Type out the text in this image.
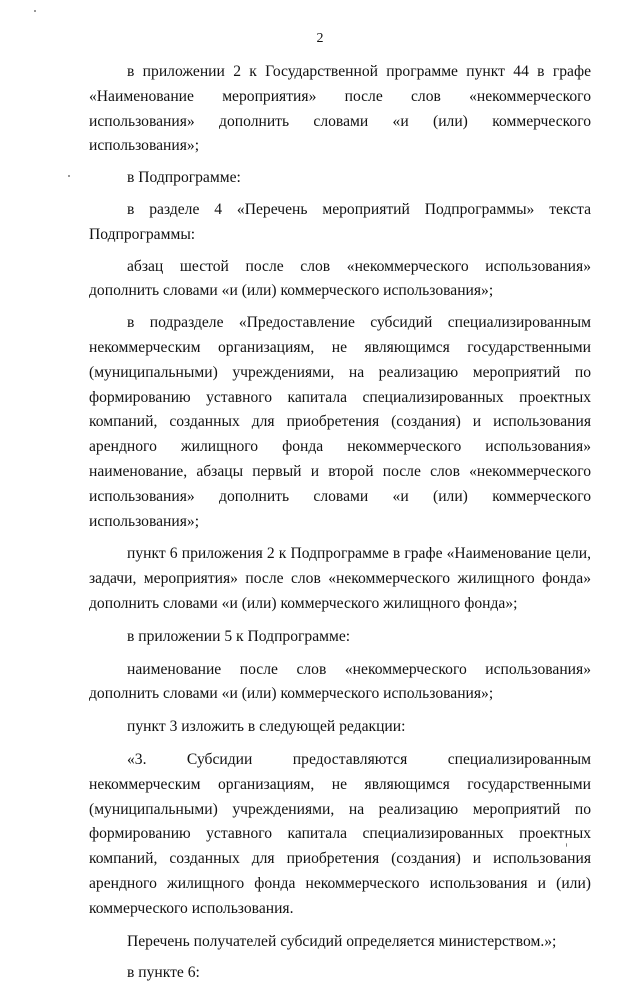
2

в приложении 2 к Государственной программе пункт 44 в графе «Наименование мероприятия» после слов «некоммерческого использования» дополнить словами «и (или) коммерческого использования»;

в Подпрограмме:

в разделе 4 «Перечень мероприятий Подпрограммы» текста Подпрограммы:

абзац шестой после слов «некоммерческого использования» дополнить словами «и (или) коммерческого использования»;

в подразделе «Предоставление субсидий специализированным некоммерческим организациям, не являющимся государственными (муниципальными) учреждениями, на реализацию мероприятий по формированию уставного капитала специализированных проектных компаний, созданных для приобретения (создания) и использования арендного жилищного фонда некоммерческого использования» наименование, абзацы первый и второй после слов «некоммерческого использования» дополнить словами «и (или) коммерческого использования»;

пункт 6 приложения 2 к Подпрограмме в графе «Наименование цели, задачи, мероприятия» после слов «некоммерческого жилищного фонда» дополнить словами «и (или) коммерческого жилищного фонда»;

в приложении 5 к Подпрограмме:

наименование после слов «некоммерческого использования» дополнить словами «и (или) коммерческого использования»;

пункт 3 изложить в следующей редакции:

«3. Субсидии предоставляются специализированным некоммерческим организациям, не являющимся государственными (муниципальными) учреждениями, на реализацию мероприятий по формированию уставного капитала специализированных проектных компаний, созданных для приобретения (создания) и использования арендного жилищного фонда некоммерческого использования и (или) коммерческого использования.

Перечень получателей субсидий определяется министерством.»;

в пункте 6:
